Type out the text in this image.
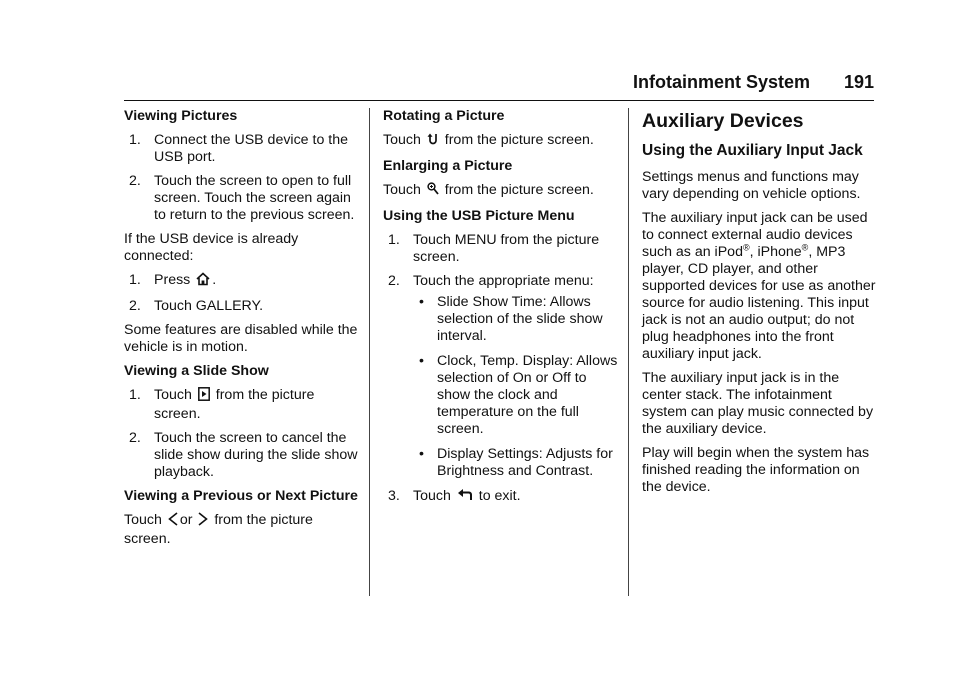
Infotainment System 191
Viewing Pictures
1. Connect the USB device to the USB port.
2. Touch the screen to open to full screen. Touch the screen again to return to the previous screen.

If the USB device is already connected:

1. Press .
2. Touch GALLERY.

Some features are disabled while the vehicle is in motion.

Viewing a Slide Show
1. Touch from the picture screen.
2. Touch the screen to cancel the slide show during the slide show playback.
Viewing a Previous or Next Picture

Touch or from the picture screen.

Rotating a Picture

Touch from the picture screen.

Enlarging a Picture

Touch from the picture screen.

Using the USB Picture Menu
1. Touch MENU from the picture screen.
2. Touch the appropriate menu:
• Slide Show Time: Allows selection of the slide show interval.
• Clock, Temp. Display: Allows selection of On or Off to show the clock and temperature on the full screen.
• Display Settings: Adjusts for Brightness and Contrast.
3. Touch to exit.
Auxiliary Devices
Using the Auxiliary Input Jack

Settings menus and functions may vary depending on vehicle options.

The auxiliary input jack can be used to connect external audio devices such as an iPod®, iPhone®, MP3 player, CD player, and other supported devices for use as another source for audio listening. This input jack is not an audio output; do not plug headphones into the front auxiliary input jack.

The auxiliary input jack is in the center stack. The infotainment system can play music connected by the auxiliary device.

Play will begin when the system has finished reading the information on the device.
